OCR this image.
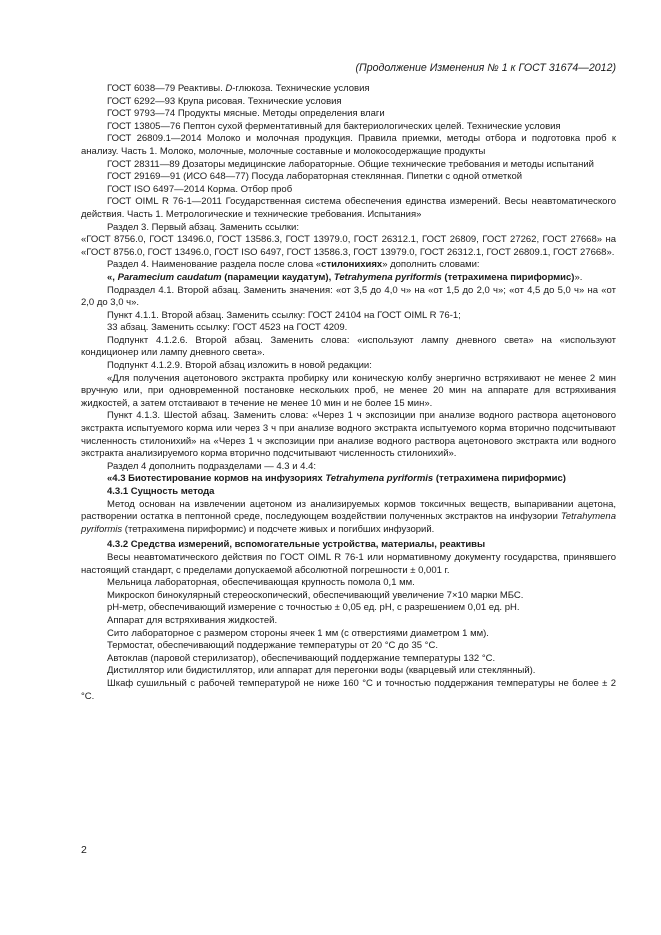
(Продолжение Изменения № 1 к ГОСТ 31674—2012)

ГОСТ 6038—79 Реактивы. D-глюкоза. Технические условия

ГОСТ 6292—93 Крупа рисовая. Технические условия

ГОСТ 9793—74 Продукты мясные. Методы определения влаги

ГОСТ 13805—76 Пептон сухой ферментативный для бактериологических целей. Технические условия

ГОСТ 26809.1—2014 Молоко и молочная продукция. Правила приемки, методы отбора и подготовка проб к анализу. Часть 1. Молоко, молочные, молочные составные и молокосодержащие продукты

ГОСТ 28311—89 Дозаторы медицинские лабораторные. Общие технические требования и методы испытаний

ГОСТ 29169—91 (ИСО 648—77) Посуда лабораторная стеклянная. Пипетки с одной отметкой

ГОСТ ISO 6497—2014 Корма. Отбор проб

ГОСТ OIML R 76-1—2011 Государственная система обеспечения единства измерений. Весы неавтоматического действия. Часть 1. Метрологические и технические требования. Испытания»

Раздел 3. Первый абзац. Заменить ссылки:

«ГОСТ 8756.0, ГОСТ 13496.0, ГОСТ 13586.3, ГОСТ 13979.0, ГОСТ 26312.1, ГОСТ 26809, ГОСТ 27262, ГОСТ 27668» на «ГОСТ 8756.0, ГОСТ 13496.0, ГОСТ ISO 6497, ГОСТ 13586.3, ГОСТ 13979.0, ГОСТ 26312.1, ГОСТ 26809.1, ГОСТ 27668».

Раздел 4. Наименование раздела после слова «стилонихиях» дополнить словами:

«, Paramecium caudatum (парамеции каудатум), Tetrahymena pyriformis (тетрахимена пириформис)».

Подраздел 4.1. Второй абзац. Заменить значения: «от 3,5 до 4,0 ч» на «от 1,5 до 2,0 ч»; «от 4,5 до 5,0 ч» на «от 2,0 до 3,0 ч».

Пункт 4.1.1. Второй абзац. Заменить ссылку: ГОСТ 24104 на ГОСТ OIML R 76-1;

33 абзац. Заменить ссылку: ГОСТ 4523 на ГОСТ 4209.

Подпункт 4.1.2.6. Второй абзац. Заменить слова: «используют лампу дневного света» на «используют кондиционер или лампу дневного света».

Подпункт 4.1.2.9. Второй абзац изложить в новой редакции:

«Для получения ацетонового экстракта пробирку или коническую колбу энергично встряхивают не менее 2 мин вручную или, при одновременной постановке нескольких проб, не менее 20 мин на аппарате для встряхивания жидкостей, а затем отстаивают в течение не менее 10 мин и не более 15 мин».

Пункт 4.1.3. Шестой абзац. Заменить слова: «Через 1 ч экспозиции при анализе водного раствора ацетонового экстракта испытуемого корма или через 3 ч при анализе водного экстракта испытуемого корма вторично подсчитывают численность стилонихий» на «Через 1 ч экспозиции при анализе водного раствора ацетонового экстракта или водного экстракта анализируемого корма вторично подсчитывают численность стилонихий».

Раздел 4 дополнить подразделами — 4.3 и 4.4:

«4.3 Биотестирование кормов на инфузориях Tetrahymena pyriformis (тетрахимена пириформис)

4.3.1 Сущность метода

Метод основан на извлечении ацетоном из анализируемых кормов токсичных веществ, выпаривании ацетона, растворении остатка в пептонной среде, последующем воздействии полученных экстрактов на инфузории Tetrahymena pyriformis (тетрахимена пириформис) и подсчете живых и погибших инфузорий.

4.3.2 Средства измерений, вспомогательные устройства, материалы, реактивы

Весы неавтоматического действия по ГОСТ OIML R 76-1 или нормативному документу государства, принявшего настоящий стандарт, с пределами допускаемой абсолютной погрешности ± 0,001 г.

Мельница лабораторная, обеспечивающая крупность помола 0,1 мм.

Микроскоп бинокулярный стереоскопический, обеспечивающий увеличение 7×10 марки МБС.

pH-метр, обеспечивающий измерение с точностью ± 0,05 ед. pH, с разрешением 0,01 ед. pH.

Аппарат для встряхивания жидкостей.

Сито лабораторное с размером стороны ячеек 1 мм (с отверстиями диаметром 1 мм).

Термостат, обеспечивающий поддержание температуры от 20 °С до 35 °С.

Автоклав (паровой стерилизатор), обеспечивающий поддержание температуры 132 °С.

Дистиллятор или бидистиллятор, или аппарат для перегонки воды (кварцевый или стеклянный).

Шкаф сушильный с рабочей температурой не ниже 160 °С и точностью поддержания температуры не более ± 2 °С.

2
